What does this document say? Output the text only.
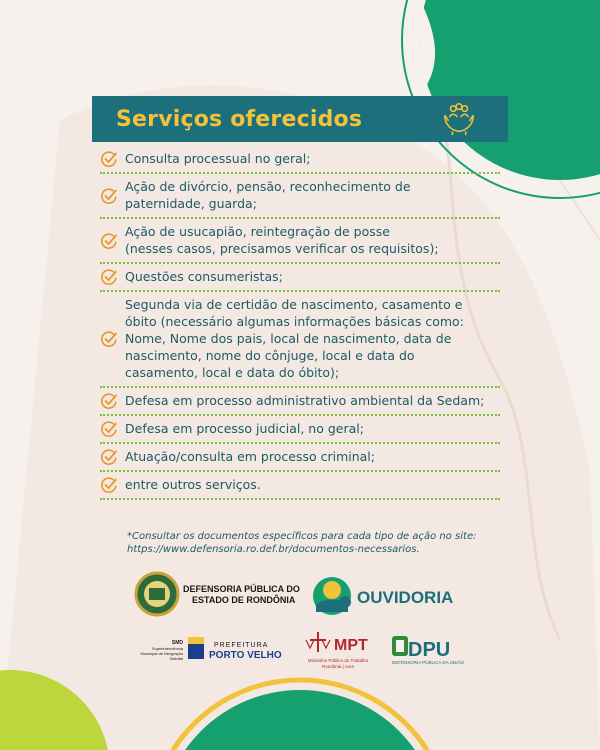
Serviços oferecidos
Consulta processual no geral;
Ação de divórcio, pensão, reconhecimento de
paternidade, guarda;
Ação de usucapião, reintegração de posse
(nesses casos, precisamos verificar os requisitos);
Questões consumeristas;
Segunda via de certidão de nascimento, casamento e
óbito (necessário algumas informações básicas como:
Nome, Nome dos pais, local de nascimento, data de
nascimento, nome do cônjuge, local e data do
casamento, local e data do óbito);
Defesa em processo administrativo ambiental da Sedam;
Defesa em processo judicial, no geral;
Atuação/consulta em processo criminal;
entre outros serviços.
*Consultar os documentos específicos para cada tipo de ação no site:
https://www.defensoria.ro.def.br/documentos-necessarios.
DEFENSORIA PÚBLICA DO
ESTADO DE RONDÔNIA	OUVIDORIA
SMD
Superintendência
Municipal de Integração
Distrital
PREFEITURA
PORTO VELHO
MPT
Ministério Público do Trabalho
Rondônia | Acre
DPU
DEFENSORIA PÚBLICA DA UNIÃO
